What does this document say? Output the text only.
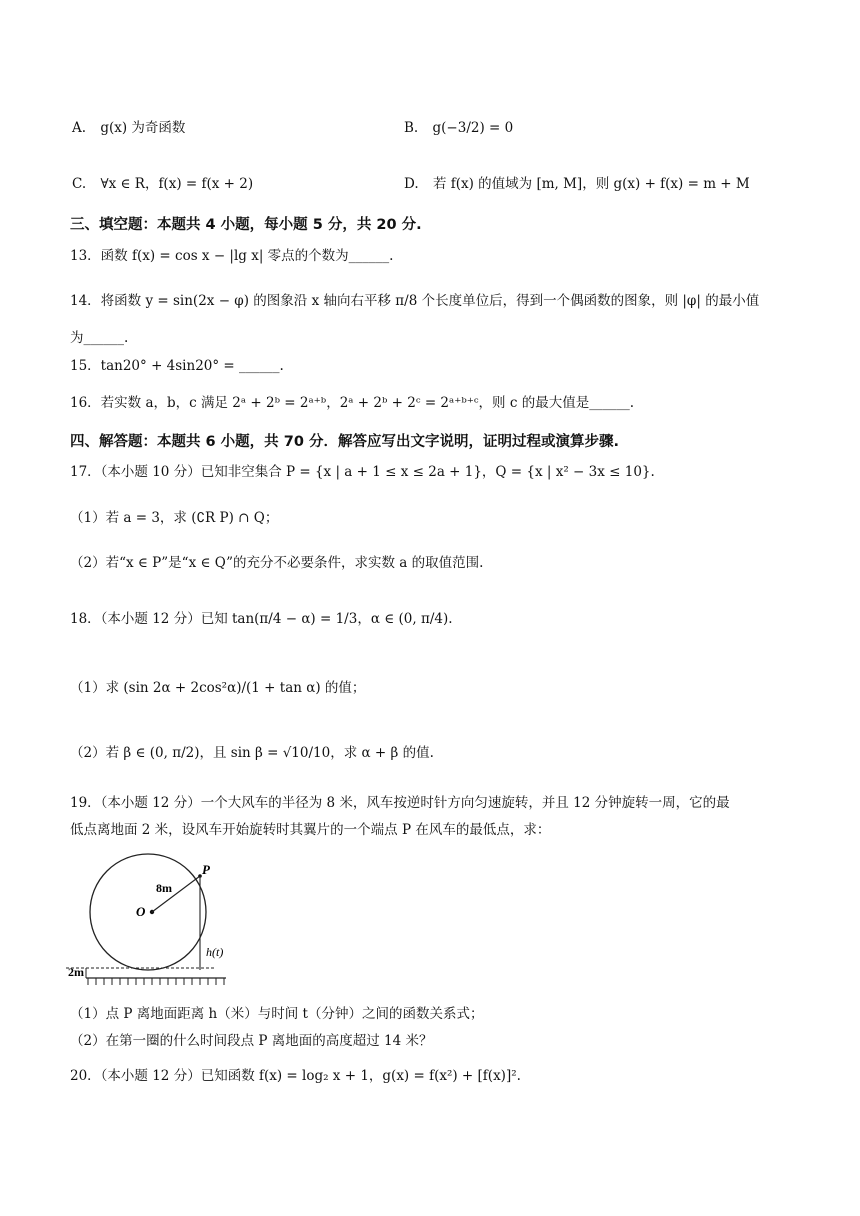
A. g(x) 为奇函数	B. g(−3/2) = 0
C. ∀x ∈ R，f(x) = f(x + 2)	D. 若 f(x) 的值域为 [m, M]，则 g(x) + f(x) = m + M
三、填空题：本题共 4 小题，每小题 5 分，共 20 分.
13．函数 f(x) = cos x − |lg x| 零点的个数为______.
14．将函数 y = sin(2x − φ) 的图象沿 x 轴向右平移 π/8 个长度单位后，得到一个偶函数的图象，则 |φ| 的最小值
为______.
15．tan20° + 4sin20° = ______.
16．若实数 a，b，c 满足 2ᵃ + 2ᵇ = 2ᵃ⁺ᵇ，2ᵃ + 2ᵇ + 2ᶜ = 2ᵃ⁺ᵇ⁺ᶜ，则 c 的最大值是______.
四、解答题：本题共 6 小题，共 70 分．解答应写出文字说明，证明过程或演算步骤.
17．（本小题 10 分）已知非空集合 P = {x | a + 1 ≤ x ≤ 2a + 1}，Q = {x | x² − 3x ≤ 10}.
（1）若 a = 3，求 (∁R P) ∩ Q；
（2）若“x ∈ P”是“x ∈ Q”的充分不必要条件，求实数 a 的取值范围.
18．（本小题 12 分）已知 tan(π/4 − α) = 1/3，α ∈ (0, π/4).
（1）求 (sin 2α + 2cos²α)/(1 + tan α) 的值；
（2）若 β ∈ (0, π/2)，且 sin β = √10/10，求 α + β 的值.
19．（本小题 12 分）一个大风车的半径为 8 米，风车按逆时针方向匀速旋转，并且 12 分钟旋转一周，它的最
低点离地面 2 米，设风车开始旋转时其翼片的一个端点 P 在风车的最低点，求：
P
O
8m
h(t)
2m
（1）点 P 离地面距离 h（米）与时间 t（分钟）之间的函数关系式；
（2）在第一圈的什么时间段点 P 离地面的高度超过 14 米？
20．（本小题 12 分）已知函数 f(x) = log₂ x + 1，g(x) = f(x²) + [f(x)]².
